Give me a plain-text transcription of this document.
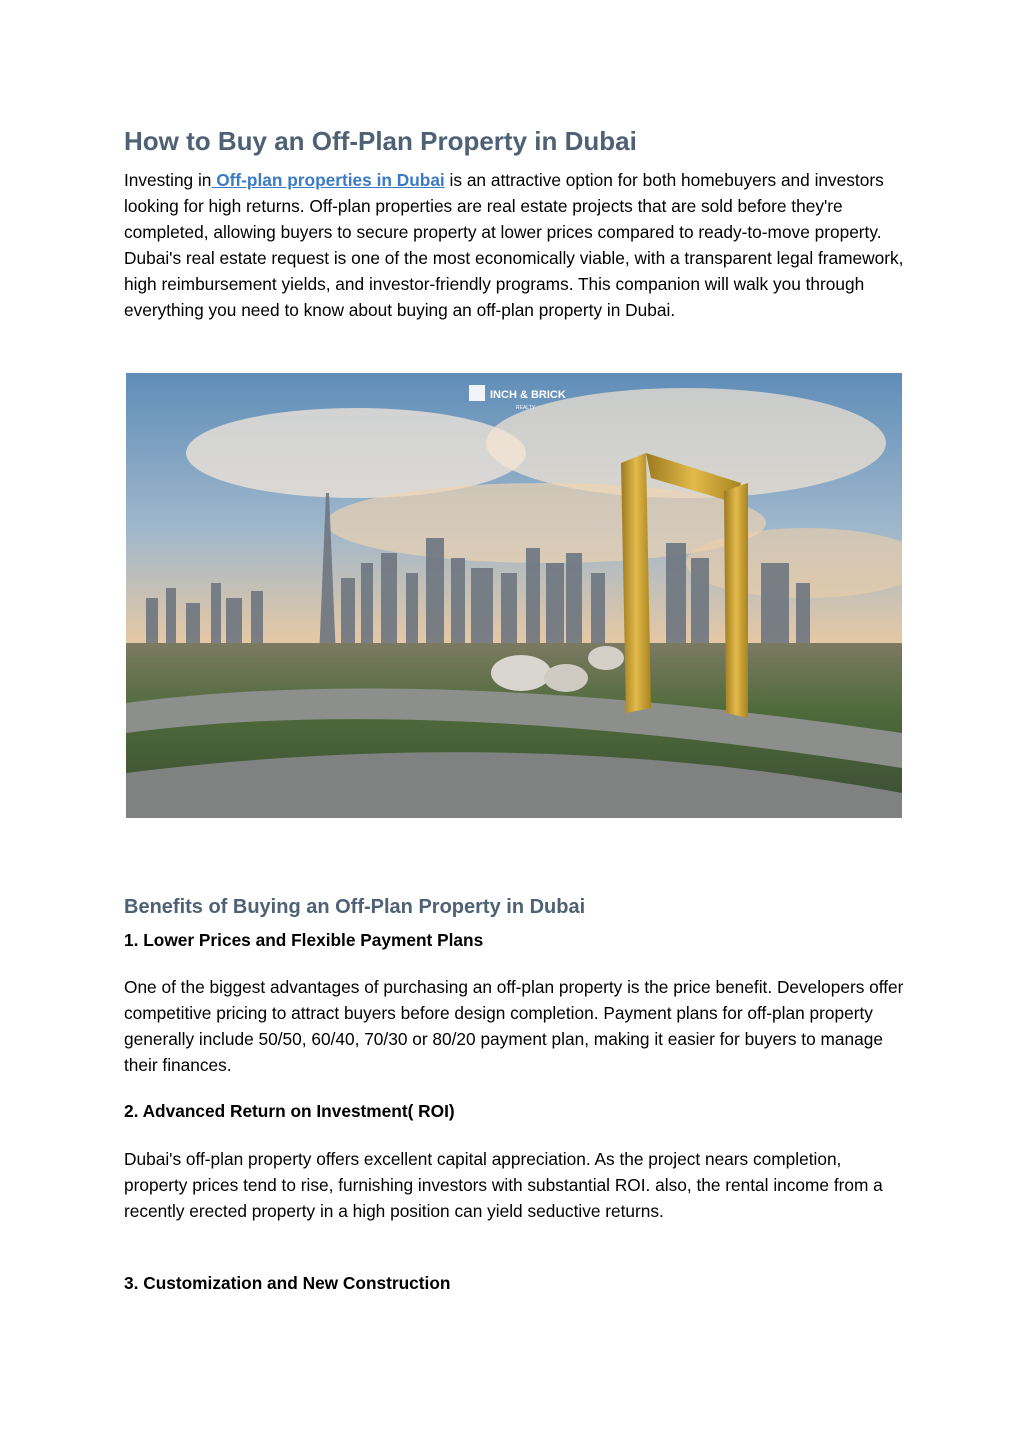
How to Buy an Off-Plan Property in Dubai

Investing in Off-plan properties in Dubai is an attractive option for both homebuyers and investors looking for high returns. Off-plan properties are real estate projects that are sold before they're completed, allowing buyers to secure property at lower prices compared to ready-to-move property. Dubai's real estate request is one of the most economically viable, with a transparent legal framework, high reimbursement yields, and investor-friendly programs. This companion will walk you through everything you need to know about buying an off-plan property in Dubai.

INCH & BRICK
REALTY
Benefits of Buying an Off-Plan Property in Dubai
1. Lower Prices and Flexible Payment Plans

One of the biggest advantages of purchasing an off-plan property is the price benefit. Developers offer competitive pricing to attract buyers before design completion. Payment plans for off-plan property generally include 50/50, 60/40, 70/30 or 80/20 payment plan, making it easier for buyers to manage their finances.

2. Advanced Return on Investment( ROI)

Dubai's off-plan property offers excellent capital appreciation. As the project nears completion, property prices tend to rise, furnishing investors with substantial ROI. also, the rental income from a recently erected property in a high position can yield seductive returns.

3. Customization and New Construction
